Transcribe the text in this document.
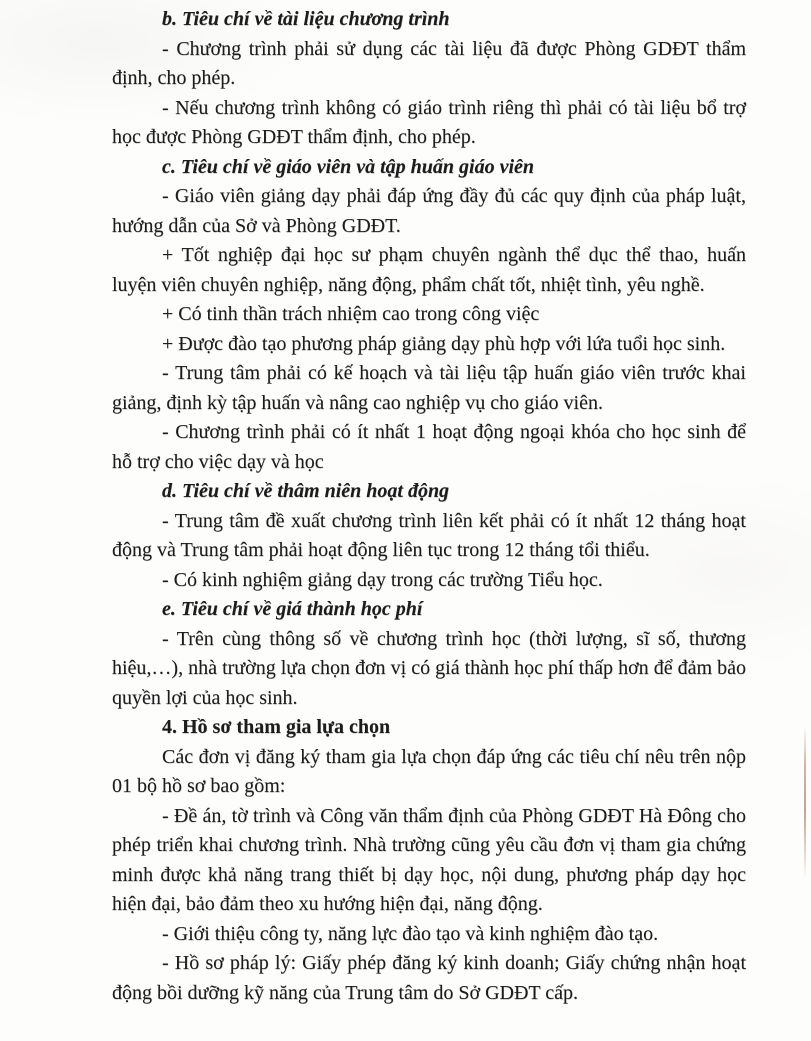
b. Tiêu chí về tài liệu chương trình

- Chương trình phải sử dụng các tài liệu đã được Phòng GDĐT thẩm định, cho phép.

- Nếu chương trình không có giáo trình riêng thì phải có tài liệu bổ trợ học được Phòng GDĐT thẩm định, cho phép.

c. Tiêu chí về giáo viên và tập huấn giáo viên

- Giáo viên giảng dạy phải đáp ứng đầy đủ các quy định của pháp luật, hướng dẫn của Sở và Phòng GDĐT.

+ Tốt nghiệp đại học sư phạm chuyên ngành thể dục thể thao, huấn luyện viên chuyên nghiệp, năng động, phẩm chất tốt, nhiệt tình, yêu nghề.

+ Có tinh thần trách nhiệm cao trong công việc

+ Được đào tạo phương pháp giảng dạy phù hợp với lứa tuổi học sinh.

- Trung tâm phải có kế hoạch và tài liệu tập huấn giáo viên trước khai giảng, định kỳ tập huấn và nâng cao nghiệp vụ cho giáo viên.

- Chương trình phải có ít nhất 1 hoạt động ngoại khóa cho học sinh để hỗ trợ cho việc dạy và học

d. Tiêu chí về thâm niên hoạt động

- Trung tâm đề xuất chương trình liên kết phải có ít nhất 12 tháng hoạt động và Trung tâm phải hoạt động liên tục trong 12 tháng tổi thiểu.

- Có kinh nghiệm giảng dạy trong các trường Tiểu học.

e. Tiêu chí về giá thành học phí

- Trên cùng thông số về chương trình học (thời lượng, sĩ số, thương hiệu,…), nhà trường lựa chọn đơn vị có giá thành học phí thấp hơn để đảm bảo quyền lợi của học sinh.

4. Hồ sơ tham gia lựa chọn

Các đơn vị đăng ký tham gia lựa chọn đáp ứng các tiêu chí nêu trên nộp 01 bộ hồ sơ bao gồm:

- Đề án, tờ trình và Công văn thẩm định của Phòng GDĐT Hà Đông cho phép triển khai chương trình. Nhà trường cũng yêu cầu đơn vị tham gia chứng minh được khả năng trang thiết bị dạy học, nội dung, phương pháp dạy học hiện đại, bảo đảm theo xu hướng hiện đại, năng động.

- Giới thiệu công ty, năng lực đào tạo và kinh nghiệm đào tạo.

- Hồ sơ pháp lý: Giấy phép đăng ký kinh doanh; Giấy chứng nhận hoạt động bồi dưỡng kỹ năng của Trung tâm do Sở GDĐT cấp.
